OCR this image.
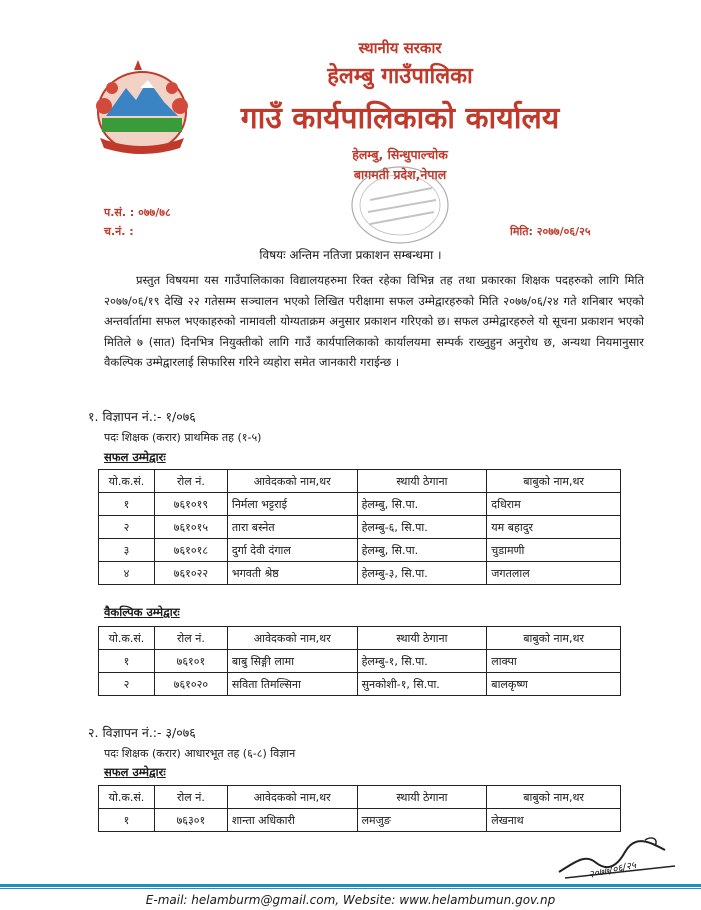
स्थानीय सरकार
हेलम्बु गाउँपालिका
गाउँ कार्यपालिकाको कार्यालय
हेलम्बु, सिन्धुपाल्चोक
बागमती प्रदेश,नेपाल
प.सं. : ०७७/७८
च.नं. :	मिति: २०७७/०६/२५
विषयः अन्तिम नतिजा प्रकाशन सम्बन्धमा ।
प्रस्तुत विषयमा यस गाउँपालिकाका विद्यालयहरुमा रिक्त रहेका विभिन्न तह तथा प्रकारका शिक्षक पदहरुको लागि मिति २०७७/०६/१९ देखि २२ गतेसम्म सञ्चालन भएको लिखित परीक्षामा सफल उम्मेद्वारहरुको मिति २०७७/०६/२४ गते शनिबार भएको अन्तर्वार्तामा सफल भएकाहरुको नामावली योग्यताक्रम अनुसार प्रकाशन गरिएको छ। सफल उम्मेद्वारहरुले यो सूचना प्रकाशन भएको मितिले ७ (सात) दिनभित्र नियुक्तीको लागि गाउँ कार्यपालिकाको कार्यालयमा सम्पर्क राख्नुहुन अनुरोध छ, अन्यथा नियमानुसार वैकल्पिक उम्मेद्वारलाई सिफारिस गरिने व्यहोरा समेत जानकारी गराईन्छ ।
१. विज्ञापन नं.:- १/०७६
पदः शिक्षक (करार) प्राथमिक तह (१-५)
सफल उम्मेद्वारः
यो.क.सं.	रोल नं.	आवेदकको नाम,थर	स्थायी ठेगाना	बाबुको नाम,थर
१	७६१०१९	निर्मला भट्टराई	हेलम्बु, सि.पा.	दधिराम
२	७६१०१५	तारा बस्नेत	हेलम्बु-६, सि.पा.	यम बहादुर
३	७६१०१८	दुर्गा देवी दंगाल	हेलम्बु, सि.पा.	चुडामणी
४	७६१०२२	भगवती श्रेष्ठ	हेलम्बु-३, सि.पा.	जगतलाल
वैकल्पिक उम्मेद्वारः
यो.क.सं.	रोल नं.	आवेदकको नाम,थर	स्थायी ठेगाना	बाबुको नाम,थर
१	७६१०१	बाबु सिङ्गी लामा	हेलम्बु-१, सि.पा.	लाक्पा
२	७६१०२०	सविता तिमल्सिना	सुनकोशी-१, सि.पा.	बालकृष्ण
२. विज्ञापन नं.:- ३/०७६
पदः शिक्षक (करार) आधारभूत तह (६-८) विज्ञान
सफल उम्मेद्वारः
यो.क.सं.	रोल नं.	आवेदकको नाम,थर	स्थायी ठेगाना	बाबुको नाम,थर
१	७६३०१	शान्ता अधिकारी	लमजुङ	लेखनाथ
२०७७/०६/२५
E-mail: helamburm@gmail.com, Website: www.helambumun.gov.np
